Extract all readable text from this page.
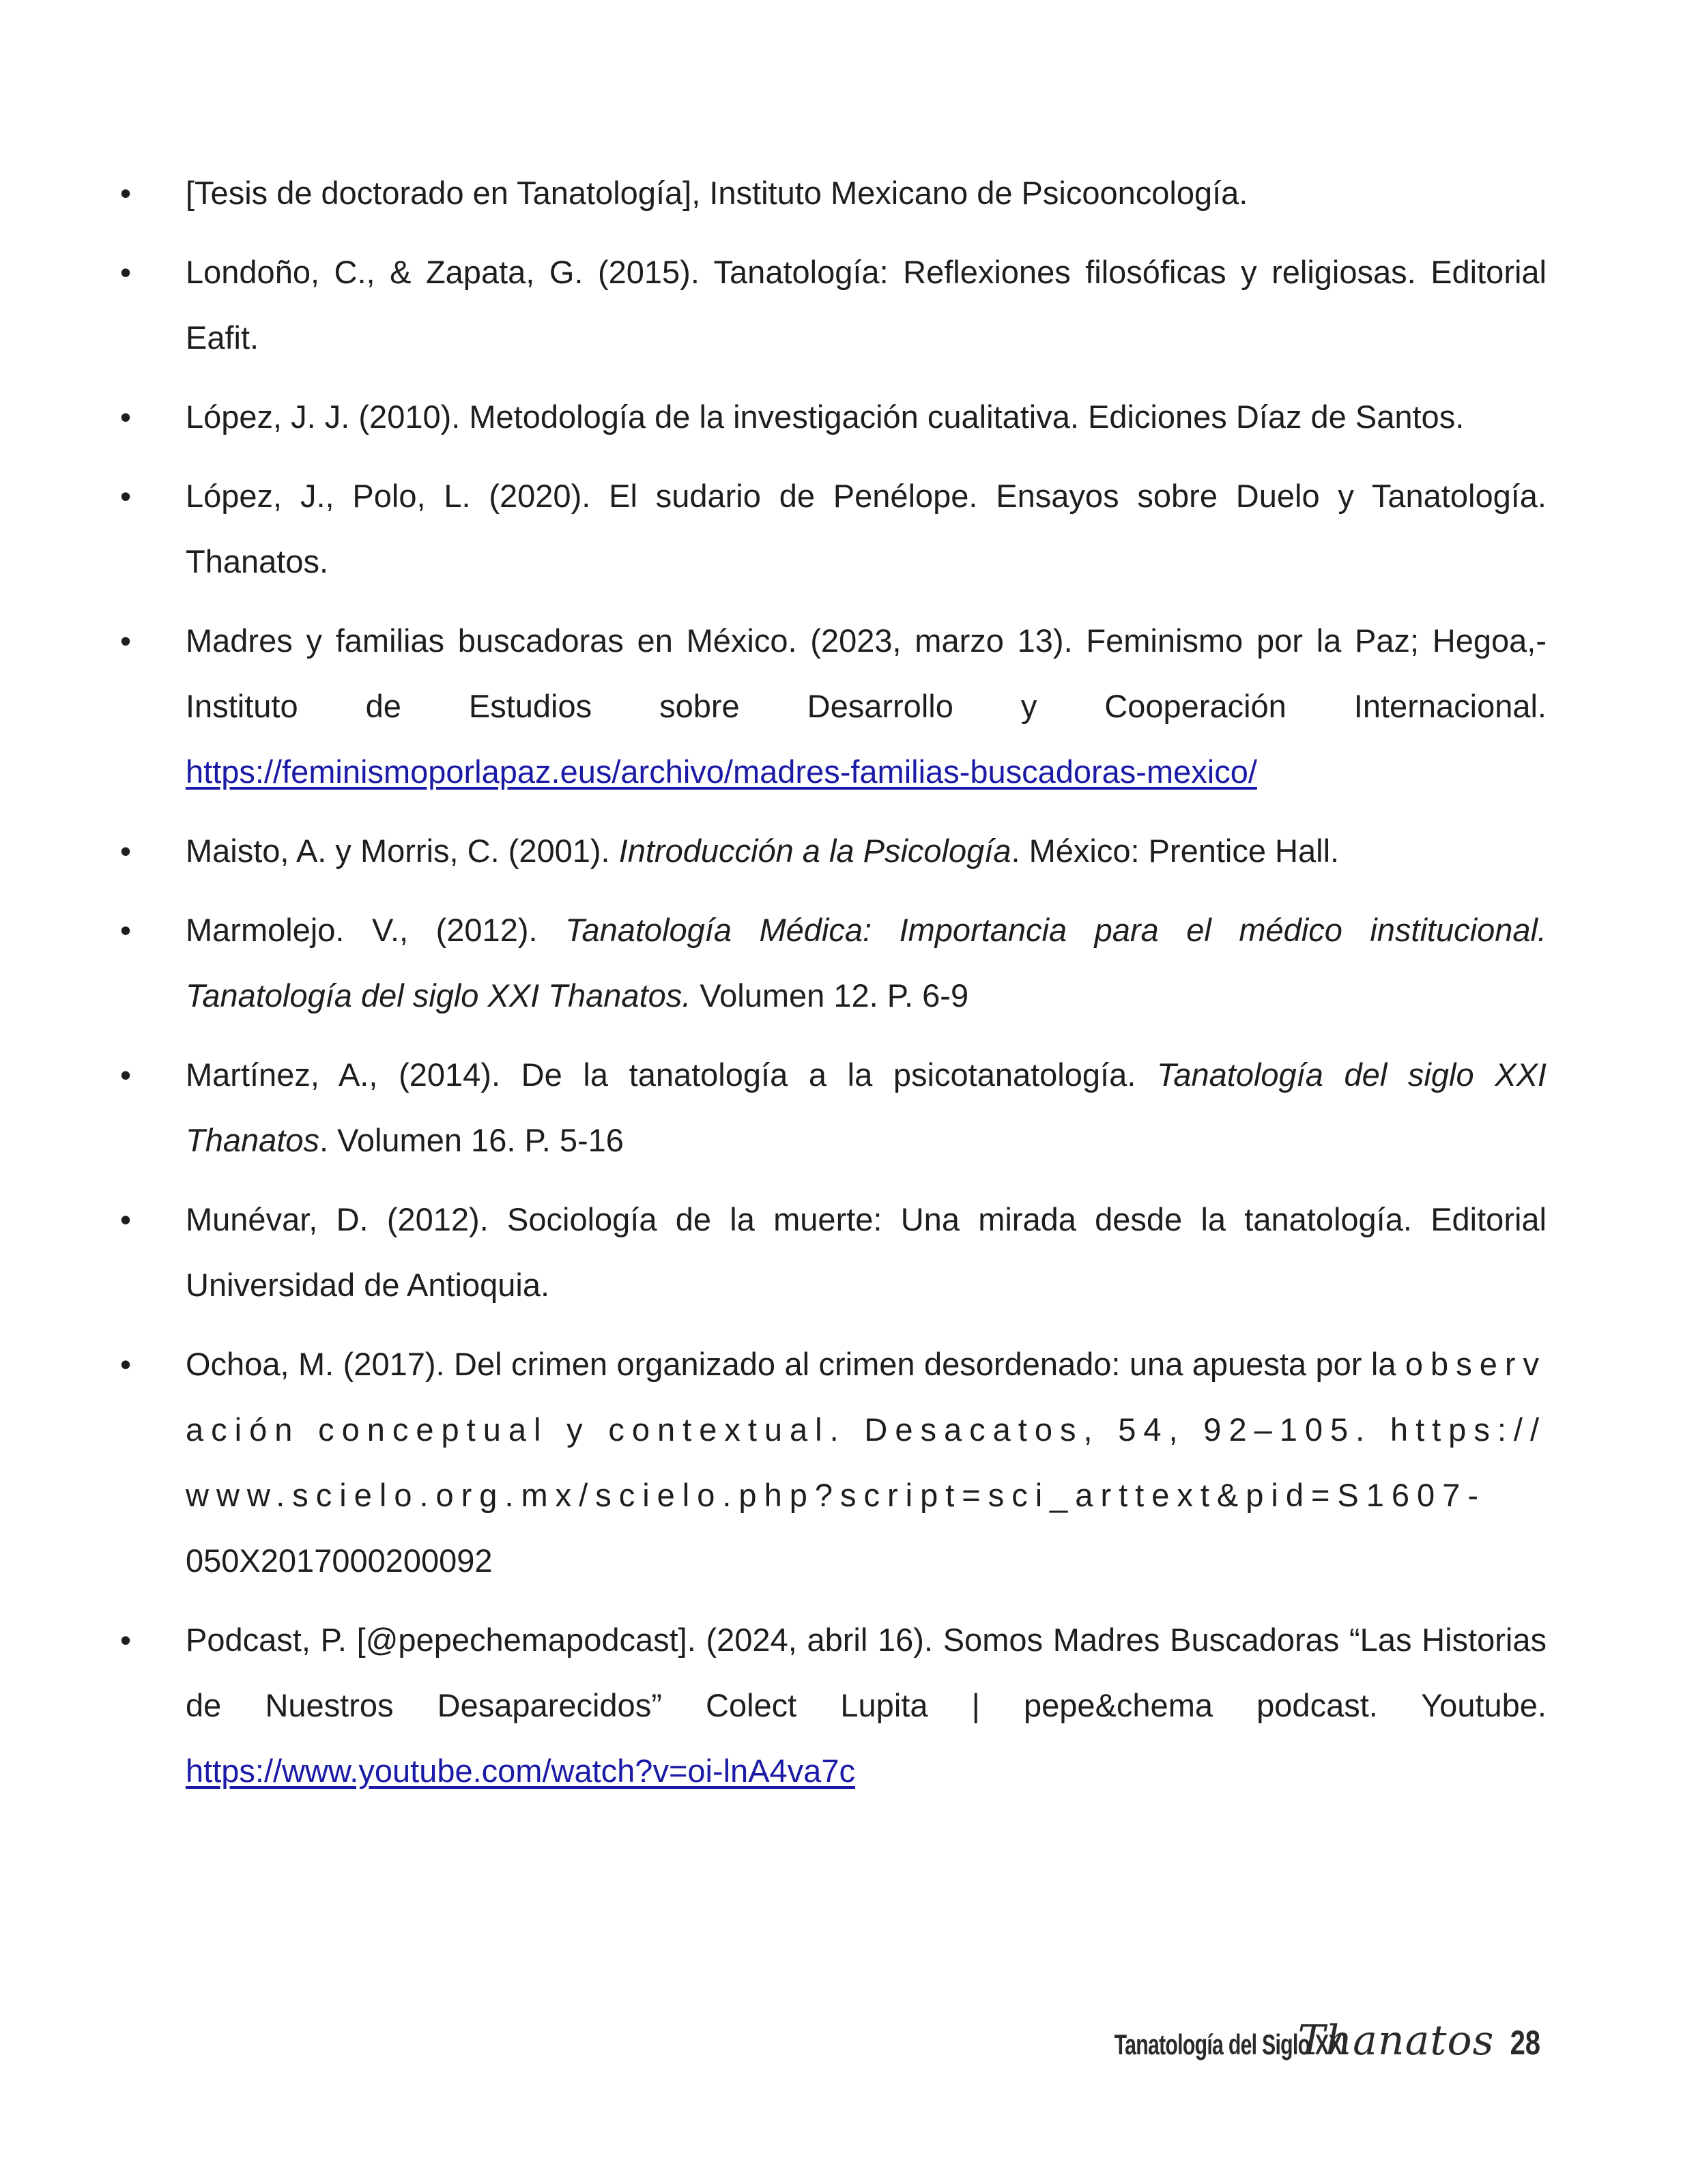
• [Tesis de doctorado en Tanatología], Instituto Mexicano de Psicooncología.
• Londoño, C., & Zapata, G. (2015). Tanatología: Reflexiones filosóficas y religiosas. Editorial Eafit.
• López, J. J. (2010). Metodología de la investigación cualitativa. Ediciones Díaz de Santos.
• López, J., Polo, L. (2020). El sudario de Penélope. Ensayos sobre Duelo y Tanatología. Thanatos.
• Madres y familias buscadoras en México. (2023, marzo 13). Feminismo por la Paz; Hegoa,- Instituto de Estudios sobre Desarrollo y Cooperación Internacional. https://feminismoporlapaz.eus/archivo/madres-familias-buscadoras-mexico/
• Maisto, A. y Morris, C. (2001). Introducción a la Psicología. México: Prentice Hall.
• Marmolejo. V., (2012). Tanatología Médica: Importancia para el médico institucional. Tanatología del siglo XXI Thanatos. Volumen 12. P. 6-9
• Martínez, A., (2014). De la tanatología a la psicotanatología. Tanatología del siglo XXI Thanatos. Volumen 16. P. 5-16
• Munévar, D. (2012). Sociología de la muerte: Una mirada desde la tanatología. Editorial Universidad de Antioquia.
• Ochoa, M. (2017). Del crimen organizado al crimen desordenado: una apuesta por la observación conceptual y contextual. Desacatos, 54, 92–105. https://www.scielo.org.mx/scielo.php?script=sci_arttext&pid=S1607-050X2017000200092
• Podcast, P. [@pepechemapodcast]. (2024, abril 16). Somos Madres Buscadoras “Las Historias de Nuestros Desaparecidos” Colect Lupita | pepe&chema podcast. Youtube. https://www.youtube.com/watch?v=oi-lnA4va7c
Tanatología del Siglo XXI
Thanatos 28
